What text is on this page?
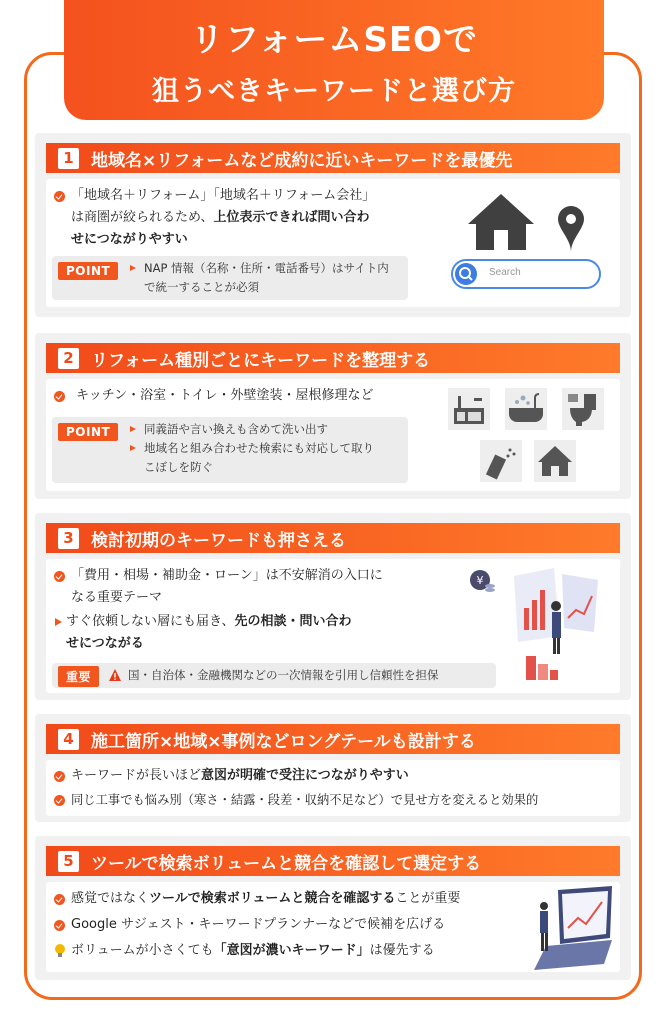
リフォームSEOで
狙うべきキーワードと選び方
1	地域名×リフォームなど成約に近いキーワードを最優先
「地域名＋リフォーム」「地域名＋リフォーム会社」
は商圏が絞られるため、上位表示できれば問い合わ
せにつながりやすい
POINT	NAP 情報（名称・住所・電話番号）はサイト内
で統一することが必須
Search
2	リフォーム種別ごとにキーワードを整理する
キッチン・浴室・トイレ・外壁塗装・屋根修理など
POINT	同義語や言い換えも含めて洗い出す
地域名と組み合わせた検索にも対応して取り
こぼしを防ぐ
3	検討初期のキーワードも押さえる
「費用・相場・補助金・ローン」は不安解消の入口に
なる重要テーマ
すぐ依頼しない層にも届き、先の相談・問い合わ
せにつながる
重要	国・自治体・金融機関などの一次情報を引用し信頼性を担保
¥
4	施工箇所×地域×事例などロングテールも設計する
キーワードが長いほど意図が明確で受注につながりやすい
同じ工事でも悩み別（寒さ・結露・段差・収納不足など）で見せ方を変えると効果的
5	ツールで検索ボリュームと競合を確認して選定する
感覚ではなくツールで検索ボリュームと競合を確認することが重要
Google サジェスト・キーワードプランナーなどで候補を広げる
ボリュームが小さくても「意図が濃いキーワード」は優先する
